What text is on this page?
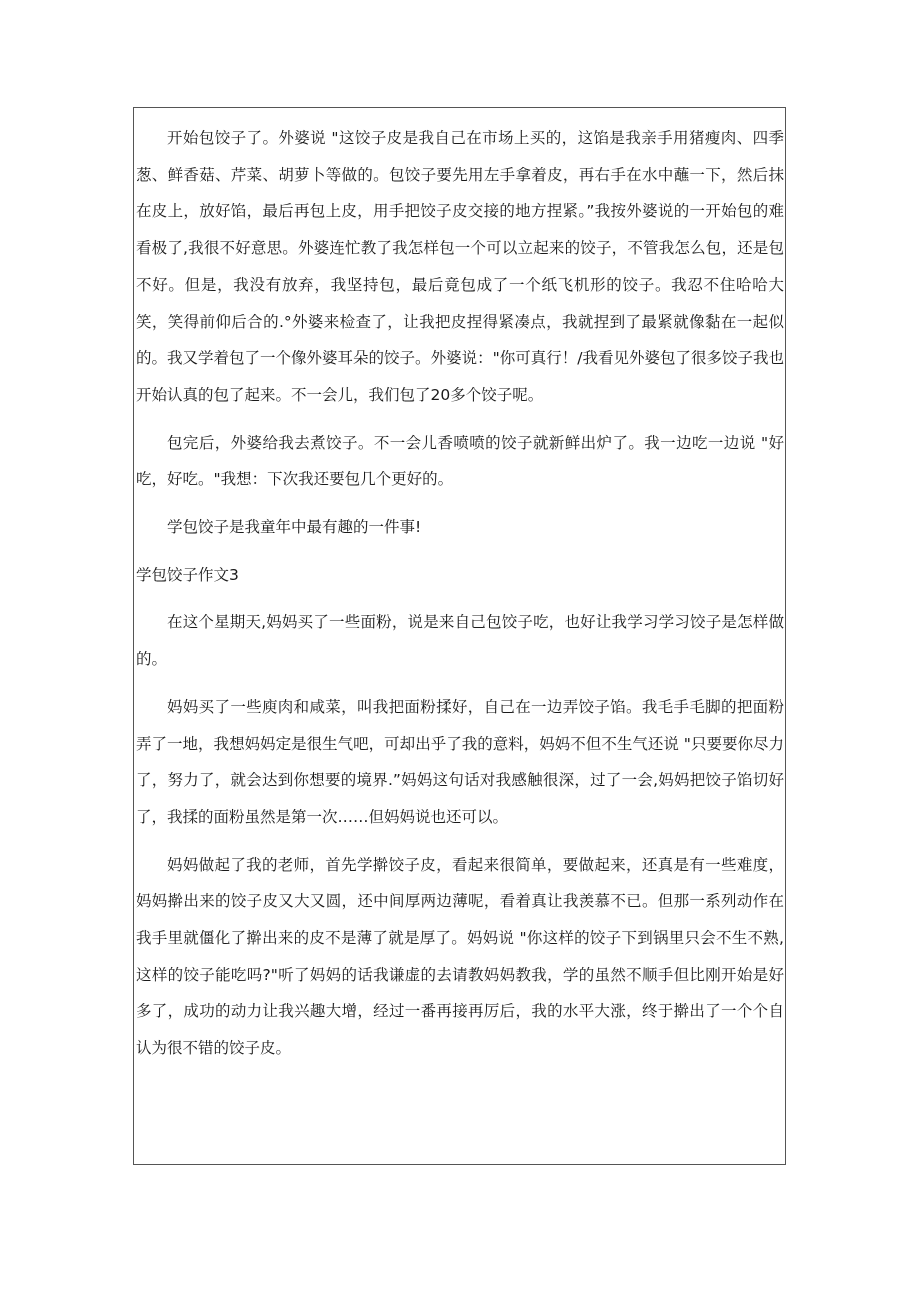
开始包饺子了。外婆说 "这饺子皮是我自己在市场上买的，这馅是我亲手用猪瘦肉、四季葱、鲜香菇、芹菜、胡萝卜等做的。包饺子要先用左手拿着皮，再右手在水中蘸一下，然后抹在皮上，放好馅，最后再包上皮，用手把饺子皮交接的地方捏紧。”我按外婆说的一开始包的难看极了,我很不好意思。外婆连忙教了我怎样包一个可以立起来的饺子，不管我怎么包，还是包不好。但是，我没有放弃，我坚持包，最后竟包成了一个纸飞机形的饺子。我忍不住哈哈大笑，笑得前仰后合的.°外婆来检查了，让我把皮捏得紧凑点，我就捏到了最紧就像黏在一起似的。我又学着包了一个像外婆耳朵的饺子。外婆说："你可真行！/我看见外婆包了很多饺子我也开始认真的包了起来。不一会儿，我们包了20多个饺子呢。

包完后，外婆给我去煮饺子。不一会儿香喷喷的饺子就新鲜出炉了。我一边吃一边说 "好吃，好吃。"我想：下次我还要包几个更好的。

学包饺子是我童年中最有趣的一件事!

学包饺子作文3

在这个星期天,妈妈买了一些面粉，说是来自己包饺子吃，也好让我学习学习饺子是怎样做的。

妈妈买了一些庾肉和咸菜，叫我把面粉揉好，自己在一边弄饺子馅。我毛手毛脚的把面粉弄了一地，我想妈妈定是很生气吧，可却出乎了我的意料，妈妈不但不生气还说 "只要要你尽力了，努力了，就会达到你想要的境界.”妈妈这句话对我感触很深，过了一会,妈妈把饺子馅切好了，我揉的面粉虽然是第一次……但妈妈说也还可以。

妈妈做起了我的老师，首先学擀饺子皮，看起来很简单，要做起来，还真是有一些难度，妈妈擀出来的饺子皮又大又圆，还中间厚两边薄呢，看着真让我羡慕不已。但那一系列动作在我手里就僵化了擀出来的皮不是薄了就是厚了。妈妈说 "你这样的饺子下到锅里只会不生不熟, 这样的饺子能吃吗?"听了妈妈的话我谦虚的去请教妈妈教我，学的虽然不顺手但比刚开始是好多了，成功的动力让我兴趣大增，经过一番再接再厉后，我的水平大涨，终于擀出了一个个自认为很不错的饺子皮。
